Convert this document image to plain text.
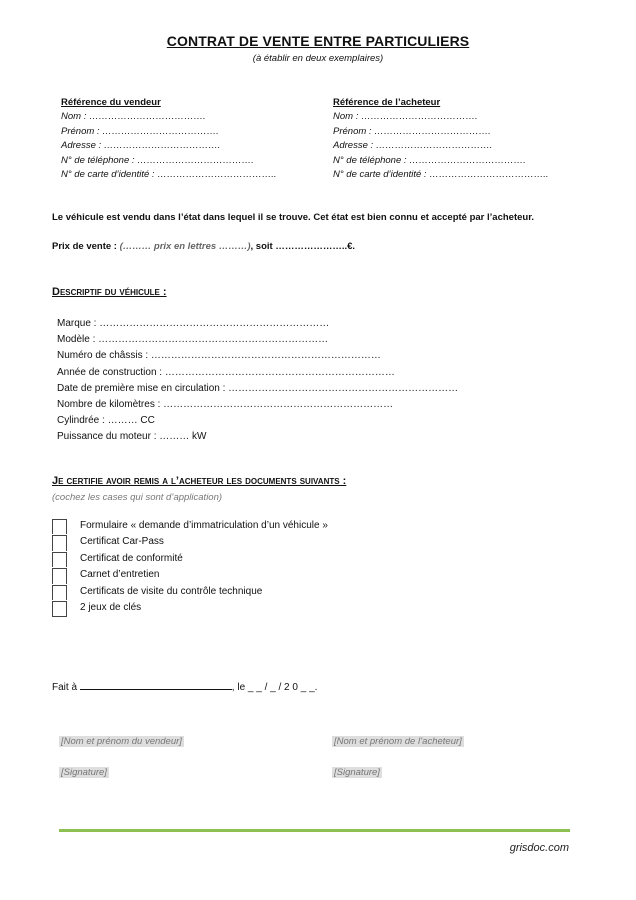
CONTRAT DE VENTE ENTRE PARTICULIERS
(à établir en deux exemplaires)
Référence du vendeur
Nom : ……………………………….
Prénom : ……………………………….
Adresse : ……………………………….
N° de téléphone : ……………………………….
N° de carte d’identité : ………………………………..
Référence de l’acheteur
Nom : ……………………………….
Prénom : ……………………………….
Adresse : ……………………………….
N° de téléphone : ……………………………….
N° de carte d’identité : ………………………………..
Le véhicule est vendu dans l’état dans lequel il se trouve. Cet état est bien connu et accepté par l’acheteur.
Prix de vente : (……… prix en lettres ………), soit …………………..€.
Descriptif du véhicule :
Marque : ……………………………………………………………
Modèle : ……………………………………………………………
Numéro de châssis : ……………………………………………………………
Année de construction : ……………………………………………………………
Date de première mise en circulation : ……………………………………………………………
Nombre de kilomètres : ……………………………………………………………
Cylindrée : ……… CC
Puissance du moteur : ……… kW
Je certifie avoir remis a l’acheteur les documents suivants :
(cochez les cases qui sont d’application)
Formulaire « demande d’immatriculation d’un véhicule »
Certificat Car-Pass
Certificat de conformité
Carnet d’entretien
Certificats de visite du contrôle technique
2 jeux de clés
Fait à	, le _ _ / _ / 2 0 _ _.
[Nom et prénom du vendeur]	[Nom et prénom de l’acheteur]
[Signature]	[Signature]
grisdoc.com
